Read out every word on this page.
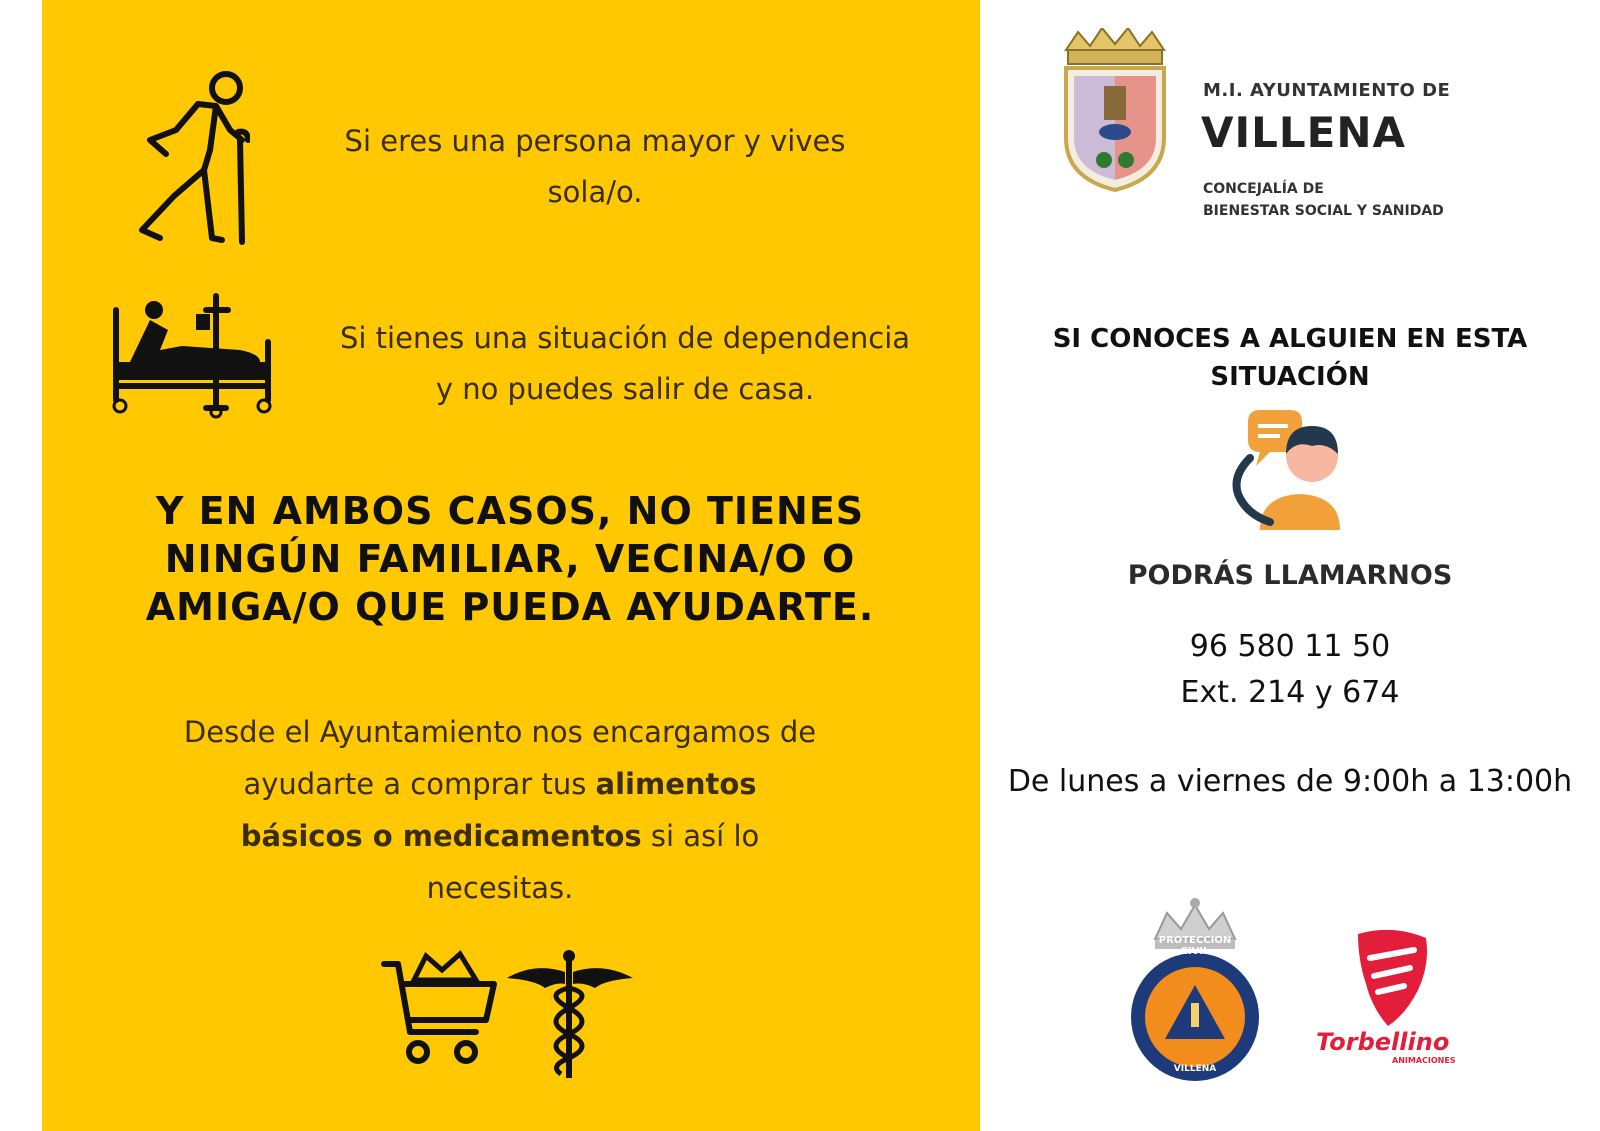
Si eres una persona mayor y vives sola/o.
Si tienes una situación de dependencia y no puedes salir de casa.
Y EN AMBOS CASOS, NO TIENES NINGÚN FAMILIAR, VECINA/O O AMIGA/O QUE PUEDA AYUDARTE.
Desde el Ayuntamiento nos encargamos de ayudarte a comprar tus alimentos básicos o medicamentos si así lo necesitas.
M.I. AYUNTAMIENTO DE
VILLENA
CONCEJALÍA DE
BIENESTAR SOCIAL Y SANIDAD
SI CONOCES A ALGUIEN EN ESTA SITUACIÓN
PODRÁS LLAMARNOS
96 580 11 50
Ext. 214 y 674
De lunes a viernes de 9:00h a 13:00h
PROTECCION CIVIL
VILLENA
Torbellino
ANIMACIONES
